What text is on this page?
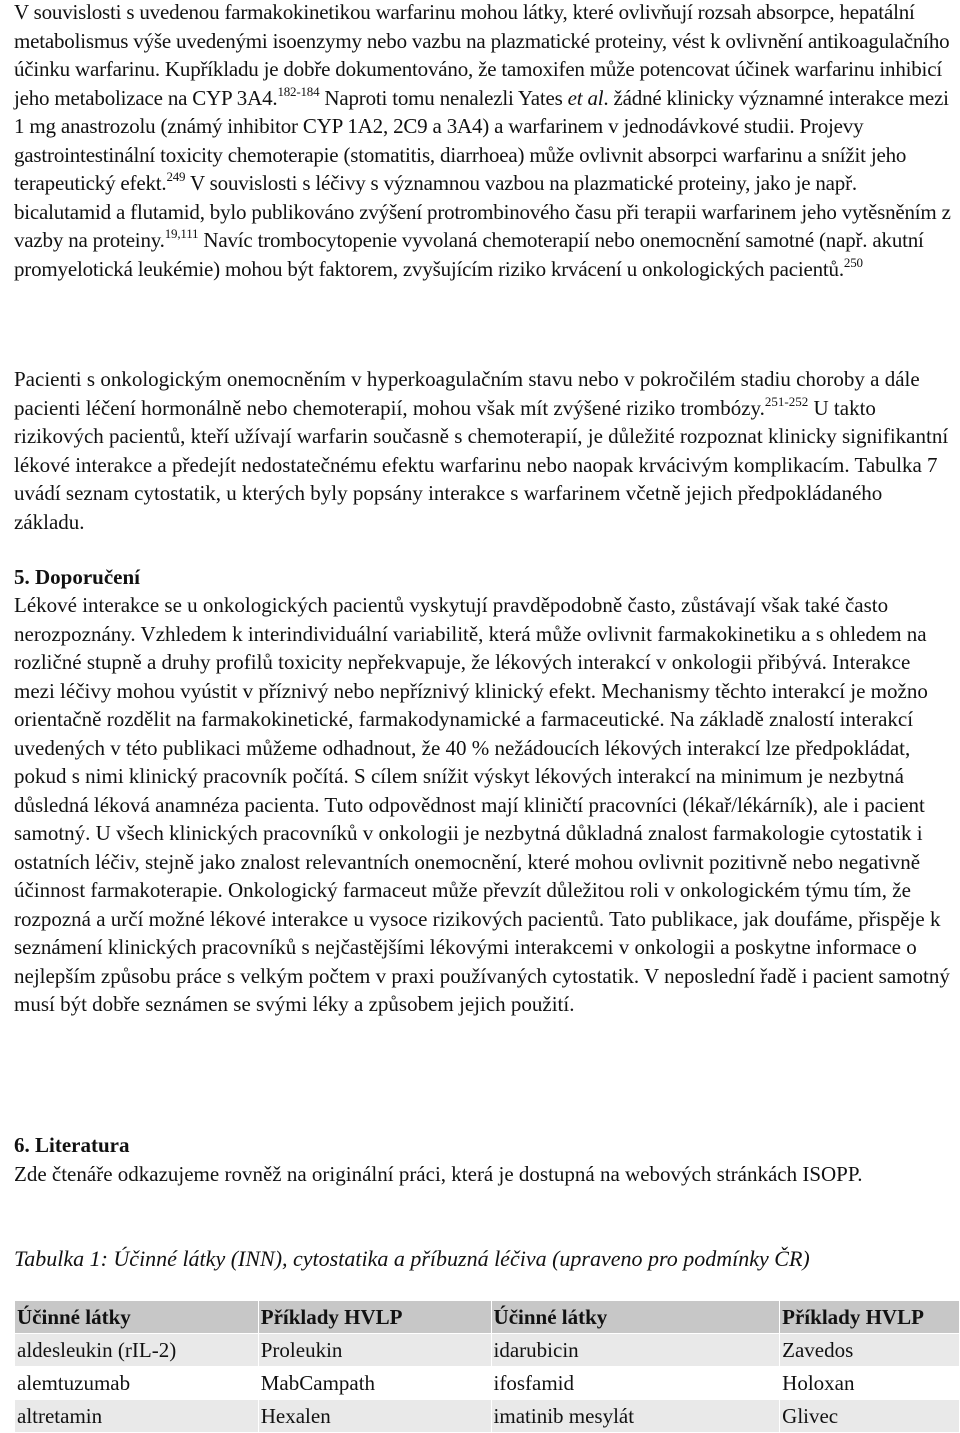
V souvislosti s uvedenou farmakokinetikou warfarinu mohou látky, které ovlivňují rozsah absorpce, hepatální metabolismus výše uvedenými isoenzymy nebo vazbu na plazmatické proteiny, vést k ovlivnění antikoagulačního účinku warfarinu. Kupříkladu je dobře dokumentováno, že tamoxifen může potencovat účinek warfarinu inhibicí jeho metabolizace na CYP 3A4.$^{182-184}$ Naproti tomu nenalezli Yates et al. žádné klinicky významné interakce mezi 1 mg anastrozolu (známý inhibitor CYP 1A2, 2C9 a 3A4) a warfarinem v jednodávkové studii. Projevy gastrointestinální toxicity chemoterapie (stomatitis, diarrhoea) může ovlivnit absorpci warfarinu a snížit jeho terapeutický efekt.$^{249}$ V souvislosti s léčivy s významnou vazbou na plazmatické proteiny, jako je např. bicalutamid a flutamid, bylo publikováno zvýšení protrombinového času při terapii warfarinem jeho vytěsněním z vazby na proteiny.$^{19,111}$ Navíc trombocytopenie vyvolaná chemoterapií nebo onemocnění samotné (např. akutní promyelotická leukémie) mohou být faktorem, zvyšujícím riziko krvácení u onkologických pacientů.$^{250}$

Pacienti s onkologickým onemocněním v hyperkoagulačním stavu nebo v pokročilém stadiu choroby a dále pacienti léčení hormonálně nebo chemoterapií, mohou však mít zvýšené riziko trombózy.$^{251-252}$ U takto rizikových pacientů, kteří užívají warfarin současně s chemoterapií, je důležité rozpoznat klinicky signifikantní lékové interakce a předejít nedostatečnému efektu warfarinu nebo naopak krvácivým komplikacím. Tabulka 7 uvádí seznam cytostatik, u kterých byly popsány interakce s warfarinem včetně jejich předpokládaného základu.

5. Doporučení

Lékové interakce se u onkologických pacientů vyskytují pravděpodobně často, zůstávají však také často nerozpoznány. Vzhledem k interindividuální variabilitě, která může ovlivnit farmakokinetiku a s ohledem na rozličné stupně a druhy profilů toxicity nepřekvapuje, že lékových interakcí v onkologii přibývá. Interakce mezi léčivy mohou vyústit v příznivý nebo nepříznivý klinický efekt. Mechanismy těchto interakcí je možno orientačně rozdělit na farmakokinetické, farmakodynamické a farmaceutické. Na základě znalostí interakcí uvedených v této publikaci můžeme odhadnout, že 40 % nežádoucích lékových interakcí lze předpokládat, pokud s nimi klinický pracovník počítá. S cílem snížit výskyt lékových interakcí na minimum je nezbytná důsledná léková anamnéza pacienta. Tuto odpovědnost mají kliničtí pracovníci (lékař/lékárník), ale i pacient samotný. U všech klinických pracovníků v onkologii je nezbytná důkladná znalost farmakologie cytostatik i ostatních léčiv, stejně jako znalost relevantních onemocnění, které mohou ovlivnit pozitivně nebo negativně účinnost farmakoterapie. Onkologický farmaceut může převzít důležitou roli v onkologickém týmu tím, že rozpozná a určí možné lékové interakce u vysoce rizikových pacientů. Tato publikace, jak doufáme, přispěje k seznámení klinických pracovníků s nejčastějšími lékovými interakcemi v onkologii a poskytne informace o nejlepším způsobu práce s velkým počtem v praxi používaných cytostatik. V neposlední řadě i pacient samotný musí být dobře seznámen se svými léky a způsobem jejich použití.

6. Literatura

Zde čtenáře odkazujeme rovněž na originální práci, která je dostupná na webových stránkách ISOPP.

Tabulka 1: Účinné látky (INN), cytostatika a příbuzná léčiva (upraveno pro podmínky ČR)

Účinné látky	Příklady HVLP	Účinné látky	Příklady HVLP
aldesleukin (rIL-2)	Proleukin	idarubicin	Zavedos
alemtuzumab	MabCampath	ifosfamid	Holoxan
altretamin	Hexalen	imatinib mesylát	Glivec
